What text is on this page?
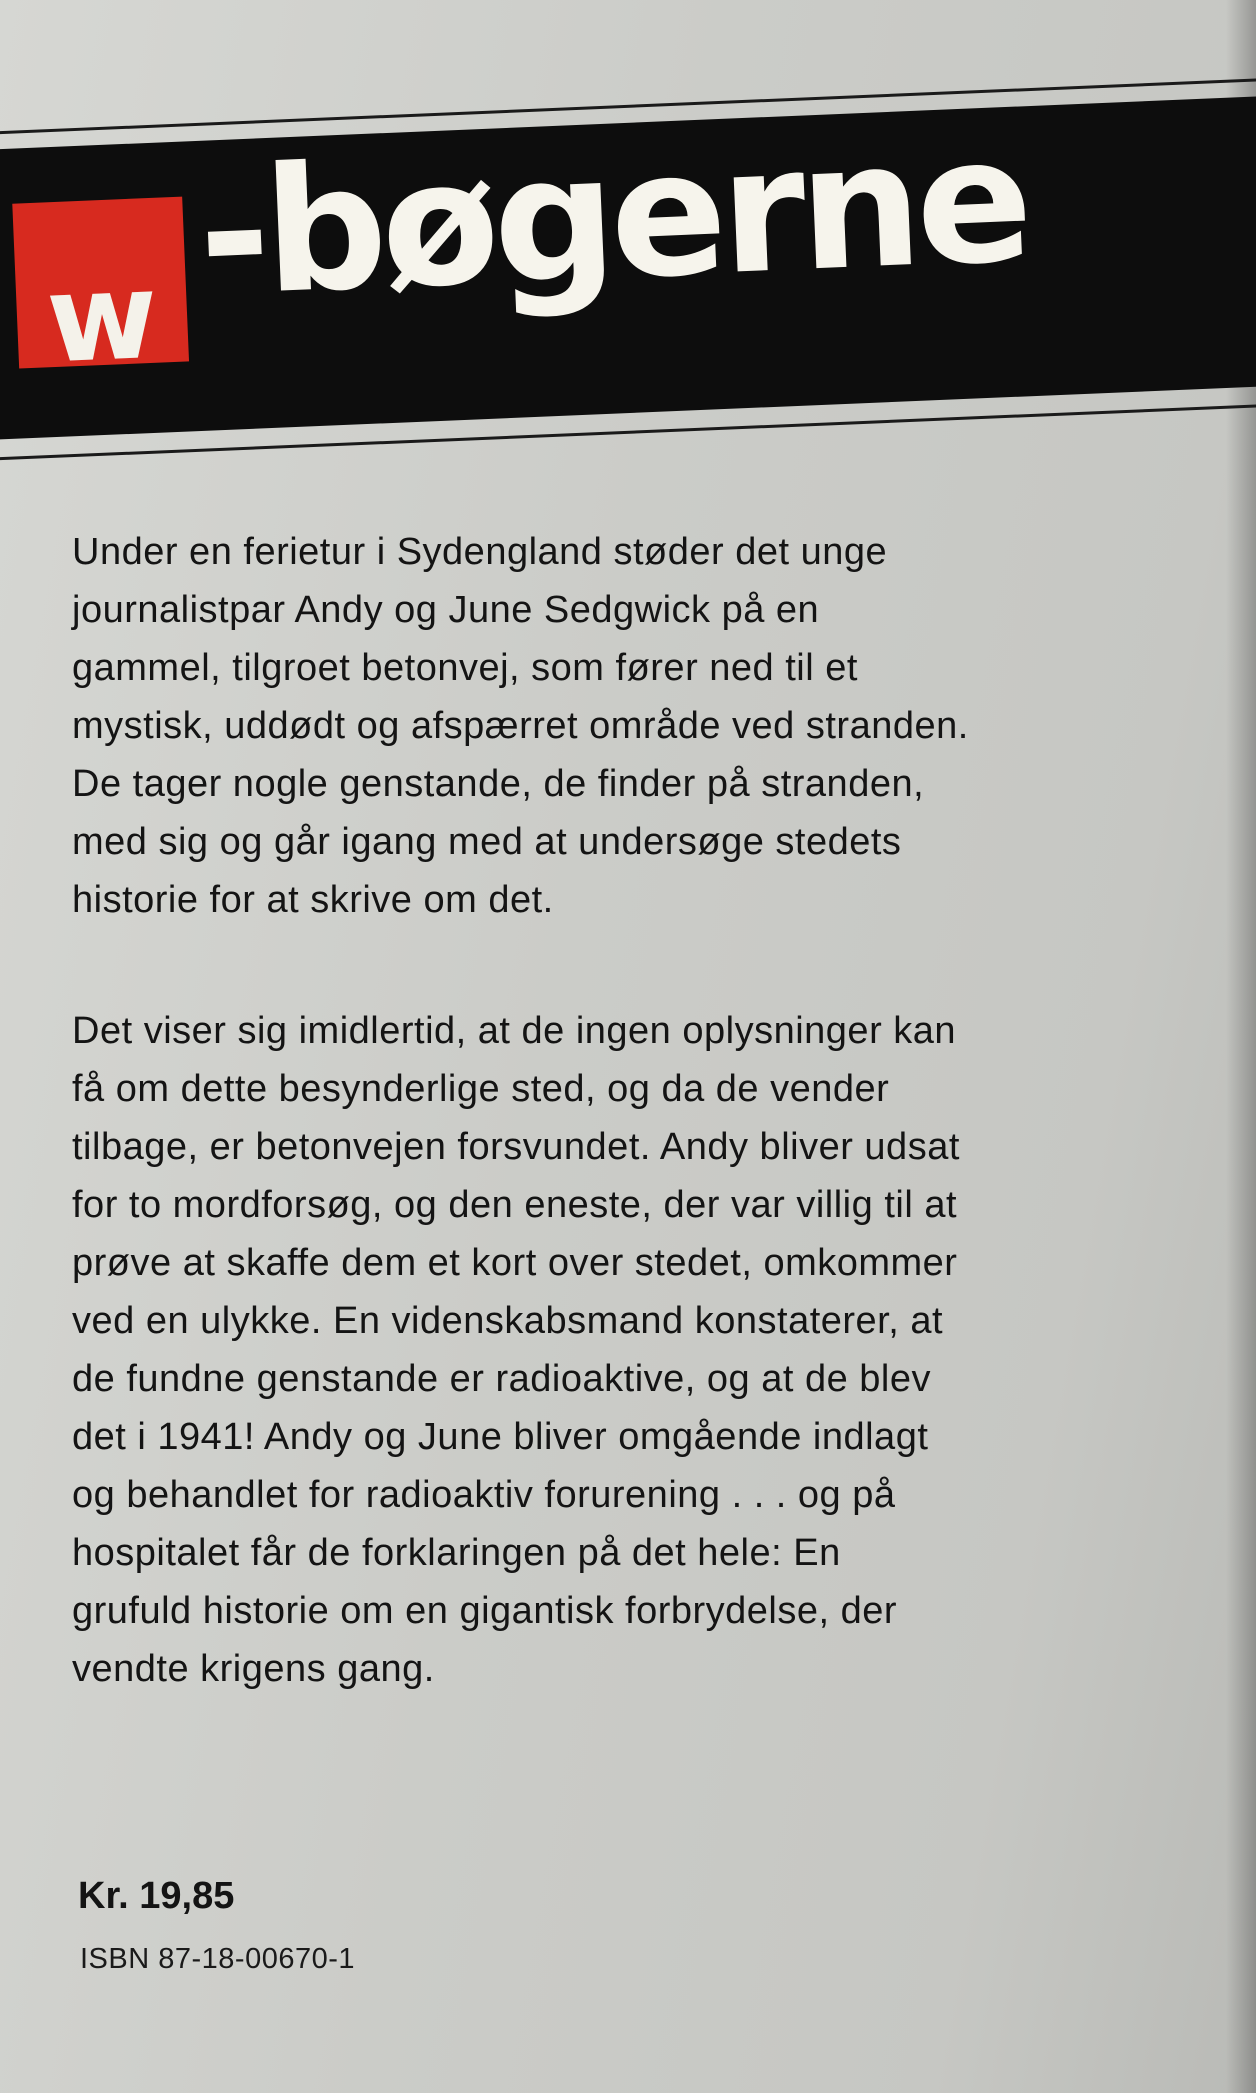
w -bøgerne

Under en ferietur i Sydengland støder det unge

journalistpar Andy og June Sedgwick på en

gammel, tilgroet betonvej, som fører ned til et

mystisk, uddødt og afspærret område ved stranden.

De tager nogle genstande, de finder på stranden,

med sig og går igang med at undersøge stedets

historie for at skrive om det.

Det viser sig imidlertid, at de ingen oplysninger kan

få om dette besynderlige sted, og da de vender

tilbage, er betonvejen forsvundet. Andy bliver udsat

for to mordforsøg, og den eneste, der var villig til at

prøve at skaffe dem et kort over stedet, omkommer

ved en ulykke. En videnskabsmand konstaterer, at

de fundne genstande er radioaktive, og at de blev

det i 1941! Andy og June bliver omgående indlagt

og behandlet for radioaktiv forurening . . . og på

hospitalet får de forklaringen på det hele: En

grufuld historie om en gigantisk forbrydelse, der

vendte krigens gang.

Kr. 19,85
ISBN 87-18-00670-1
